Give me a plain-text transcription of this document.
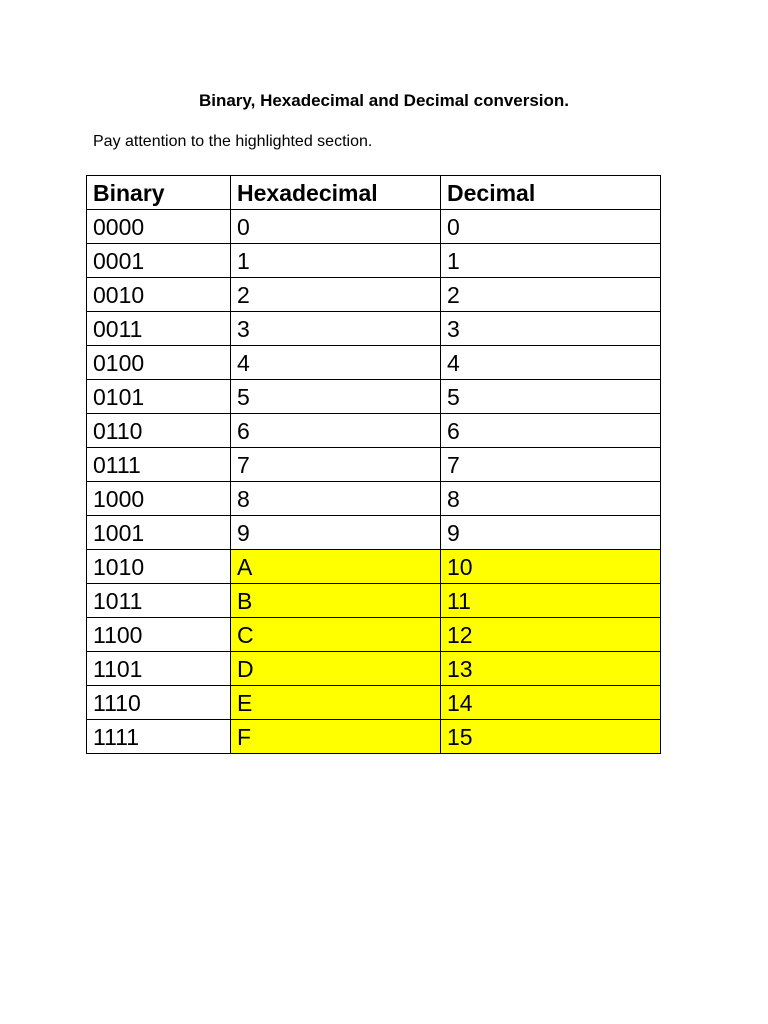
Binary, Hexadecimal and Decimal conversion.
Pay attention to the highlighted section.
Binary	Hexadecimal	Decimal
0000	0	0
0001	1	1
0010	2	2
0011	3	3
0100	4	4
0101	5	5
0110	6	6
0111	7	7
1000	8	8
1001	9	9
1010	A	10
1011	B	11
1100	C	12
1101	D	13
1110	E	14
1111	F	15
